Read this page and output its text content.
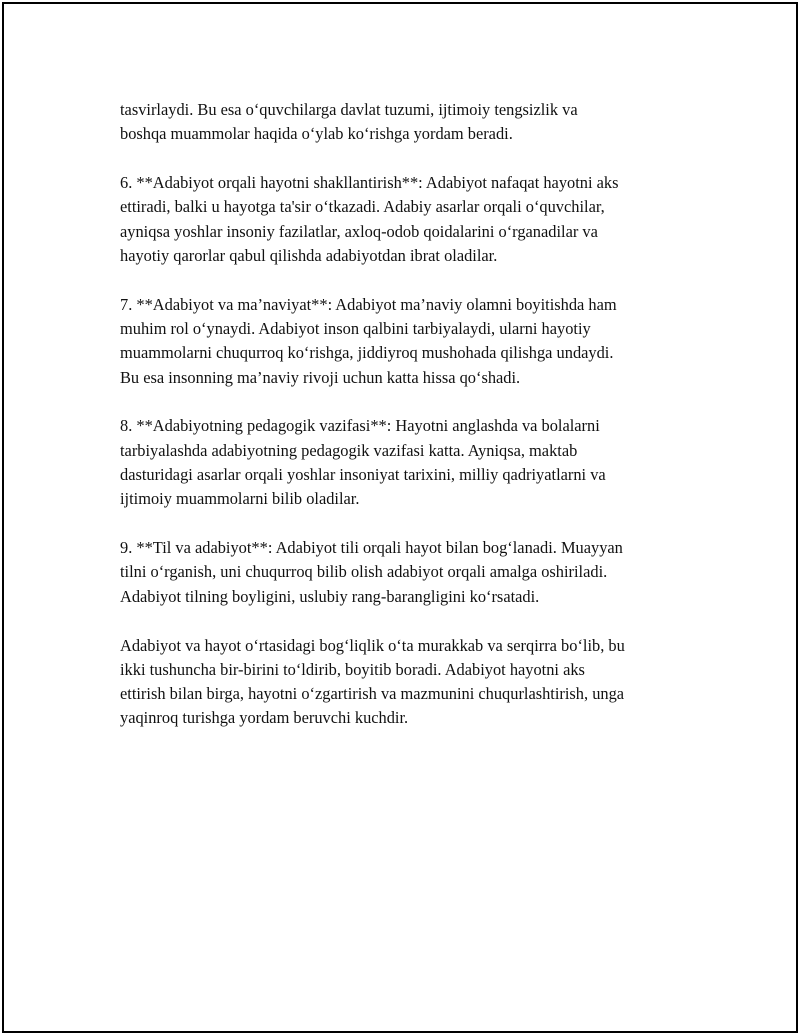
tasvirlaydi. Bu esa o‘quvchilarga davlat tuzumi, ijtimoiy tengsizlik va
boshqa muammolar haqida o‘ylab ko‘rishga yordam beradi.

6. **Adabiyot orqali hayotni shakllantirish**: Adabiyot nafaqat hayotni aks
ettiradi, balki u hayotga ta'sir o‘tkazadi. Adabiy asarlar orqali o‘quvchilar,
ayniqsa yoshlar insoniy fazilatlar, axloq-odob qoidalarini o‘rganadilar va
hayotiy qarorlar qabul qilishda adabiyotdan ibrat oladilar.

7. **Adabiyot va ma’naviyat**: Adabiyot ma’naviy olamni boyitishda ham
muhim rol o‘ynaydi. Adabiyot inson qalbini tarbiyalaydi, ularni hayotiy
muammolarni chuqurroq ko‘rishga, jiddiyroq mushohada qilishga undaydi.
Bu esa insonning ma’naviy rivoji uchun katta hissa qo‘shadi.

8. **Adabiyotning pedagogik vazifasi**: Hayotni anglashda va bolalarni
tarbiyalashda adabiyotning pedagogik vazifasi katta. Ayniqsa, maktab
dasturidagi asarlar orqali yoshlar insoniyat tarixini, milliy qadriyatlarni va
ijtimoiy muammolarni bilib oladilar.

9. **Til va adabiyot**: Adabiyot tili orqali hayot bilan bog‘lanadi. Muayyan
tilni o‘rganish, uni chuqurroq bilib olish adabiyot orqali amalga oshiriladi.
Adabiyot tilning boyligini, uslubiy rang-barangligini ko‘rsatadi.

Adabiyot va hayot o‘rtasidagi bog‘liqlik o‘ta murakkab va serqirra bo‘lib, bu
ikki tushuncha bir-birini to‘ldirib, boyitib boradi. Adabiyot hayotni aks
ettirish bilan birga, hayotni o‘zgartirish va mazmunini chuqurlashtirish, unga
yaqinroq turishga yordam beruvchi kuchdir.
